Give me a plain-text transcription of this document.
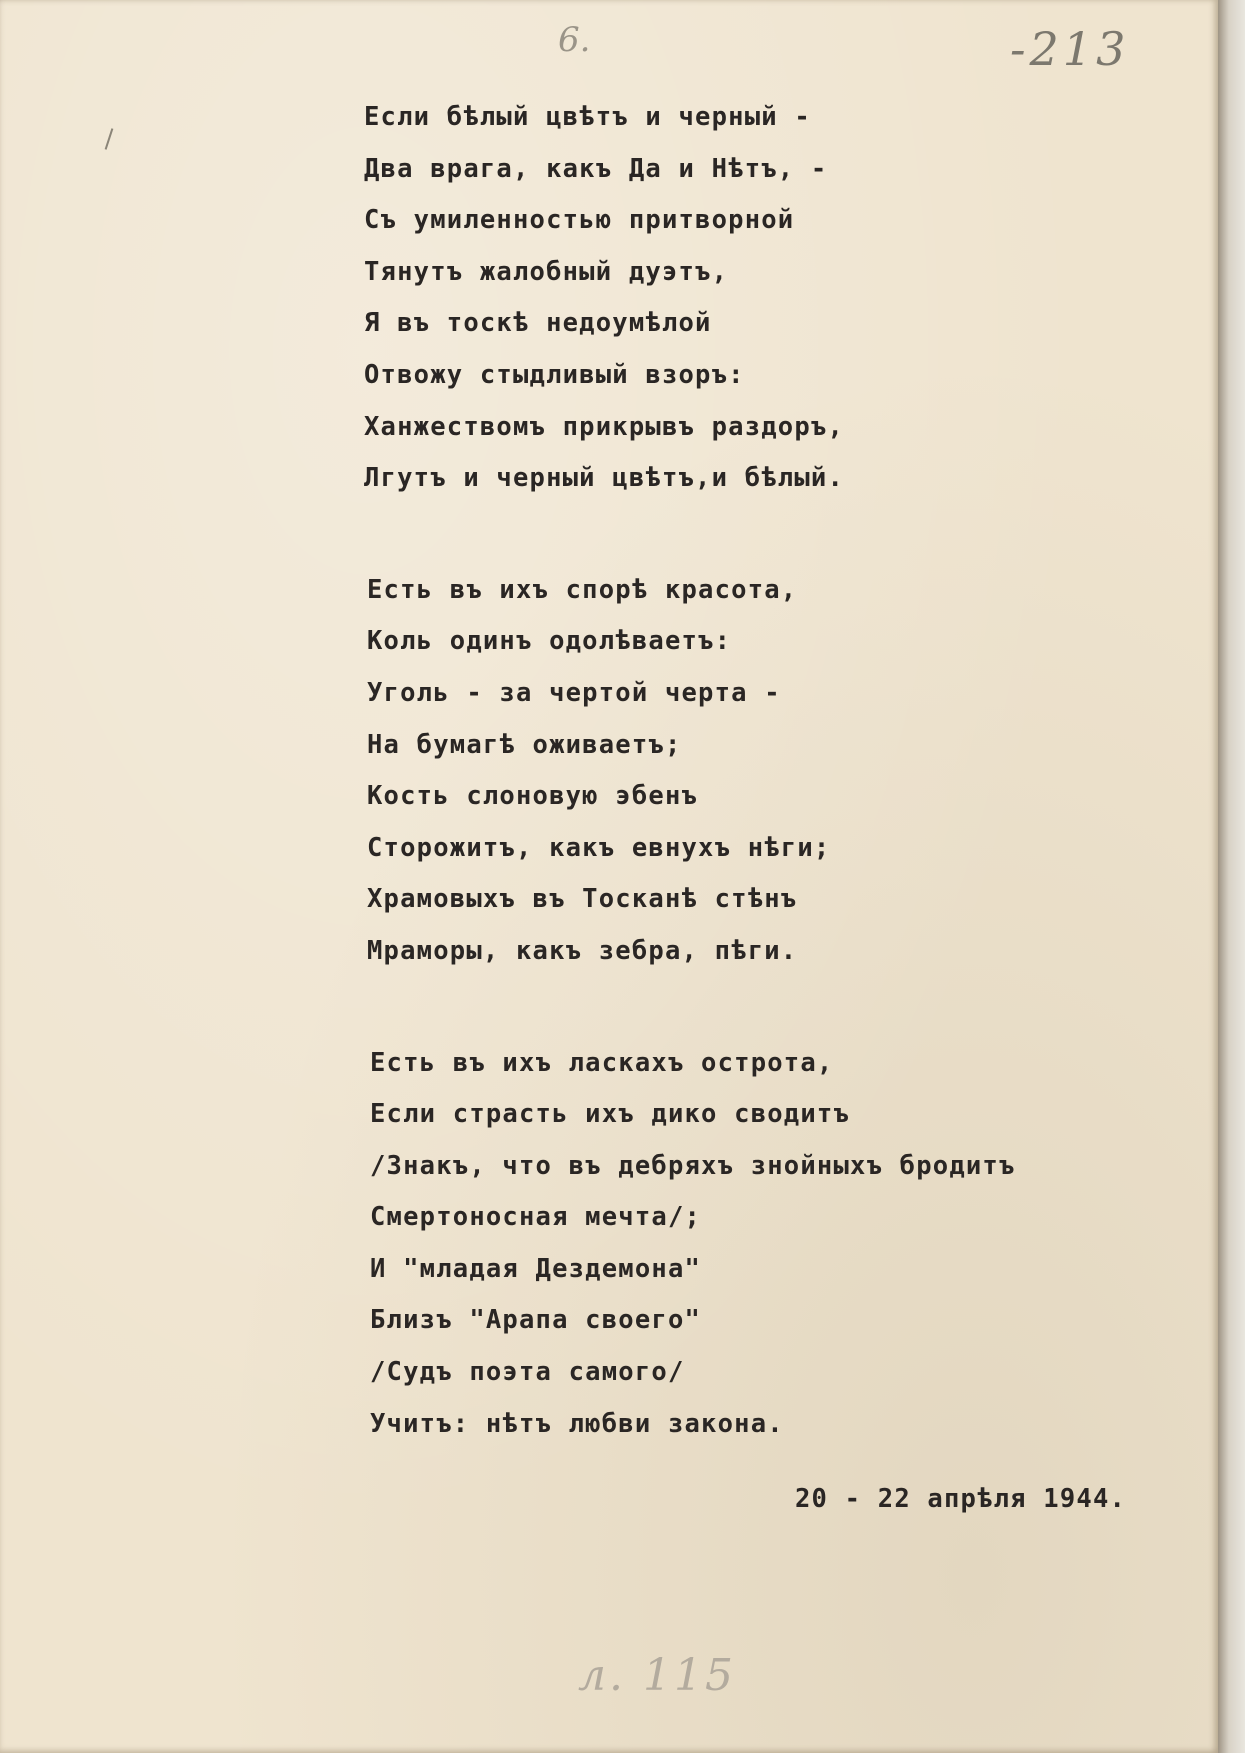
6.	-213
Если бѣлый цвѣтъ и черный -
Два врага, какъ Да и Нѣтъ, -
Съ умиленностью притворной
Тянутъ жалобный дуэтъ,
Я въ тоскѣ недоумѣлой
Отвожу стыдливый взоръ:
Ханжествомъ прикрывъ раздоръ,
Лгутъ и черный цвѣтъ,и бѣлый.
Есть въ ихъ спорѣ красота,
Коль одинъ одолѣваетъ:
Уголь - за чертой черта -
На бумагѣ оживаетъ;
Кость слоновую эбенъ
Сторожитъ, какъ евнухъ нѣги;
Храмовыхъ въ Тосканѣ стѣнъ
Мраморы, какъ зебра, пѣги.
Есть въ ихъ ласкахъ острота,
Если страсть ихъ дико сводитъ
/Знакъ, что въ дебряхъ знойныхъ бродитъ
Смертоносная мечта/;
И "младая Дездемона"
Близъ "Арапа своего"
/Судъ поэта самого/
Учитъ: нѣтъ любви закона.
20 - 22 апрѣля 1944.
л. 115
